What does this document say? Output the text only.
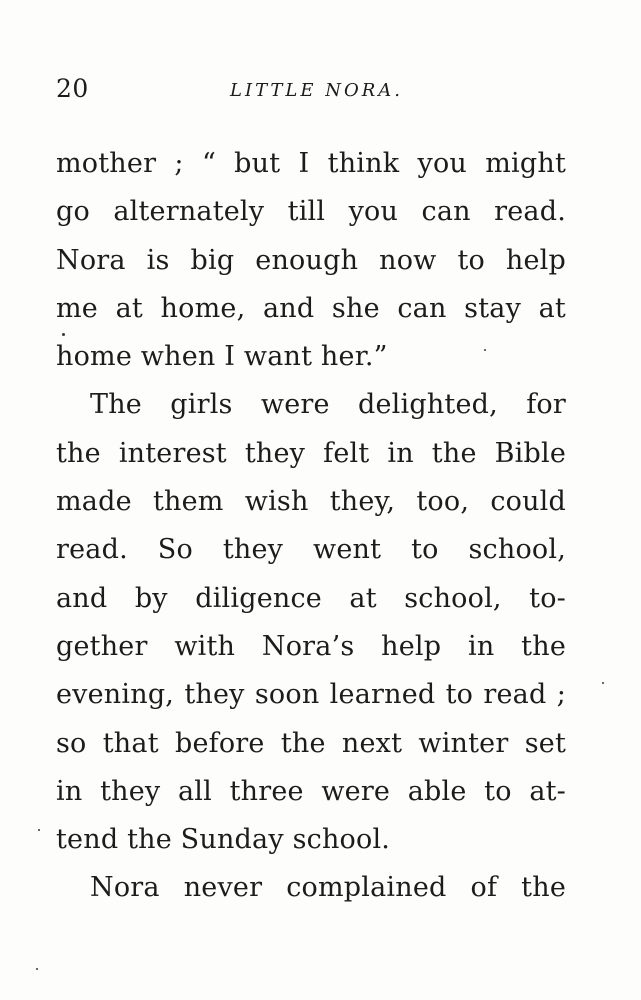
20	LITTLE NORA.
mother ; “ but I think you might
go alternately till you can read.
Nora is big enough now to help
me at home, and she can stay at
home when I want her.”
The girls were delighted, for
the interest they felt in the Bible
made them wish they, too, could
read. So they went to school,
and by diligence at school, to-
gether with Nora’s help in the
evening, they soon learned to read ;
so that before the next winter set
in they all three were able to at-
tend the Sunday school.
Nora never complained of the
